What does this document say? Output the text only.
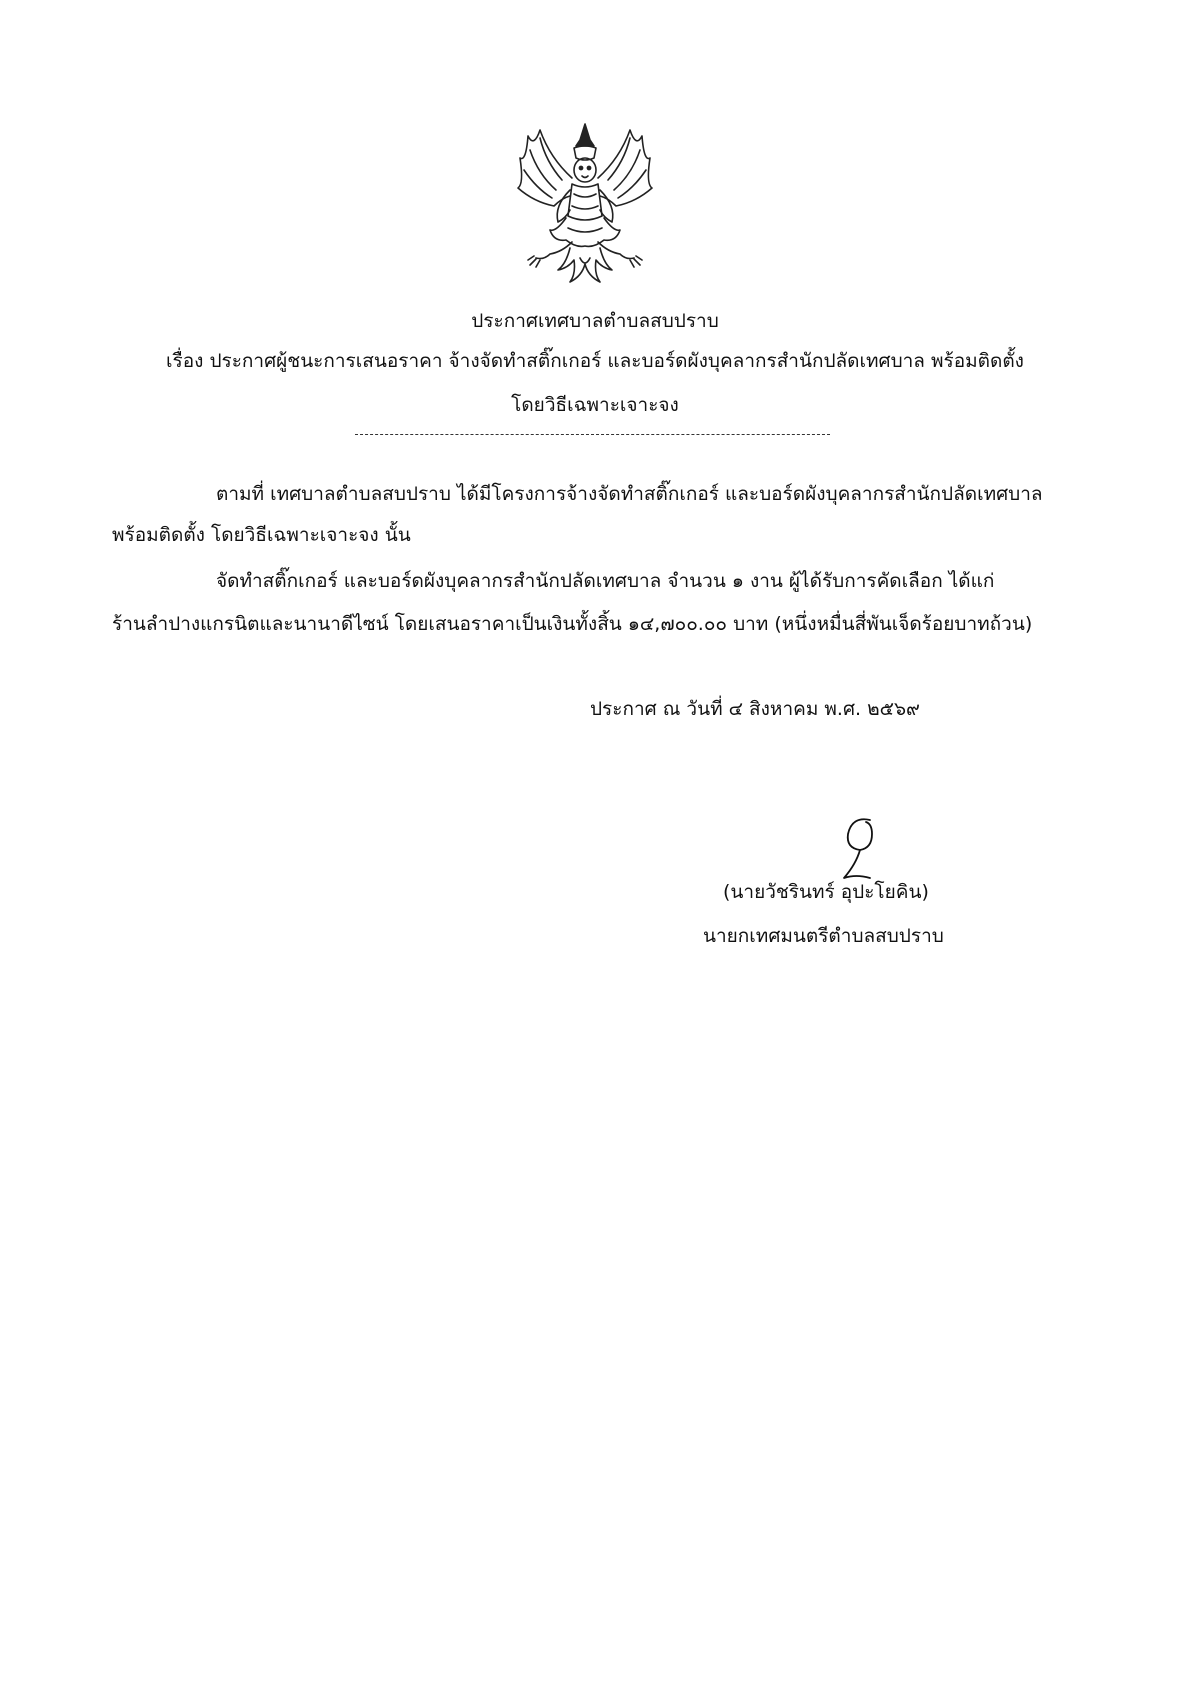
ประกาศเทศบาลตำบลสบปราบ
เรื่อง ประกาศผู้ชนะการเสนอราคา จ้างจัดทำสติ๊กเกอร์ และบอร์ดผังบุคลากรสำนักปลัดเทศบาล พร้อมติดตั้ง
โดยวิธีเฉพาะเจาะจง
ตามที่ เทศบาลตำบลสบปราบ ได้มีโครงการจ้างจัดทำสติ๊กเกอร์ และบอร์ดผังบุคลากรสำนักปลัดเทศบาล
พร้อมติดตั้ง โดยวิธีเฉพาะเจาะจง นั้น
จัดทำสติ๊กเกอร์ และบอร์ดผังบุคลากรสำนักปลัดเทศบาล จำนวน ๑ งาน ผู้ได้รับการคัดเลือก ได้แก่
ร้านลำปางแกรนิตและนานาดีไซน์ โดยเสนอราคาเป็นเงินทั้งสิ้น ๑๔,๗๐๐.๐๐ บาท (หนึ่งหมื่นสี่พันเจ็ดร้อยบาทถ้วน)
ประกาศ ณ วันที่ ๔ สิงหาคม พ.ศ. ๒๕๖๙
(นายวัชรินทร์ อุปะโยคิน)
นายกเทศมนตรีตำบลสบปราบ
